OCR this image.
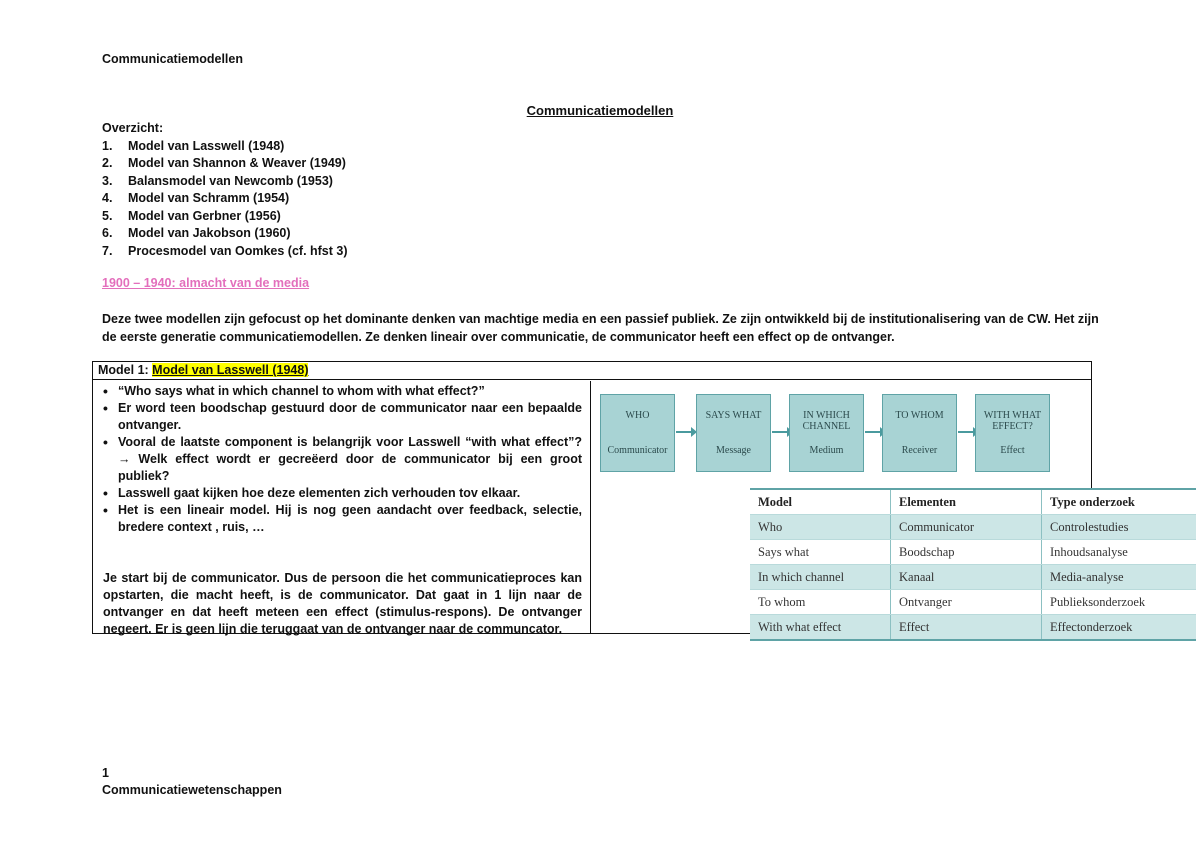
Communicatiemodellen
Communicatiemodellen
Overzicht:
1.	Model van Lasswell (1948)
2.	Model van Shannon & Weaver (1949)
3.	Balansmodel van Newcomb (1953)
4.	Model van Schramm (1954)
5.	Model van Gerbner (1956)
6.	Model van Jakobson (1960)
7.	Procesmodel van Oomkes (cf. hfst 3)
1900 – 1940: almacht van de media
Deze twee modellen zijn gefocust op het dominante denken van machtige media en een passief publiek. Ze zijn ontwikkeld bij de institutionalisering van de CW. Het zijn de eerste generatie communicatiemodellen. Ze denken lineair over communicatie, de communicator heeft een effect op de ontvanger.
Model 1: Model van Lasswell (1948)
• “Who says what in which channel to whom with what effect?”
• Er word teen boodschap gestuurd door de communicator naar een bepaalde ontvanger.
• Vooral de laatste component is belangrijk voor Lasswell “with what effect”? → Welk effect wordt er gecreëerd door de communicator bij een groot publiek?
• Lasswell gaat kijken hoe deze elementen zich verhouden tov elkaar.
• Het is een lineair model. Hij is nog geen aandacht over feedback, selectie, bredere context , ruis, …
Je start bij de communicator. Dus de persoon die het communicatieproces kan opstarten, die macht heeft, is de communicator. Dat gaat in 1 lijn naar de ontvanger en dat heeft meteen een effect (stimulus-respons). De ontvanger negeert. Er is geen lijn die teruggaat van de ontvanger naar de communcator.
WHO
Communicator
SAYS WHAT
Message
IN WHICH CHANNEL
Medium
TO WHOM
Receiver
WITH WHAT EFFECT?
Effect
Model	Elementen	Type onderzoek
Who	Communicator	Controlestudies
Says what	Boodschap	Inhoudsanalyse
In which channel	Kanaal	Media-analyse
To whom	Ontvanger	Publieksonderzoek
With what effect	Effect	Effectonderzoek
1
Communicatiewetenschappen
